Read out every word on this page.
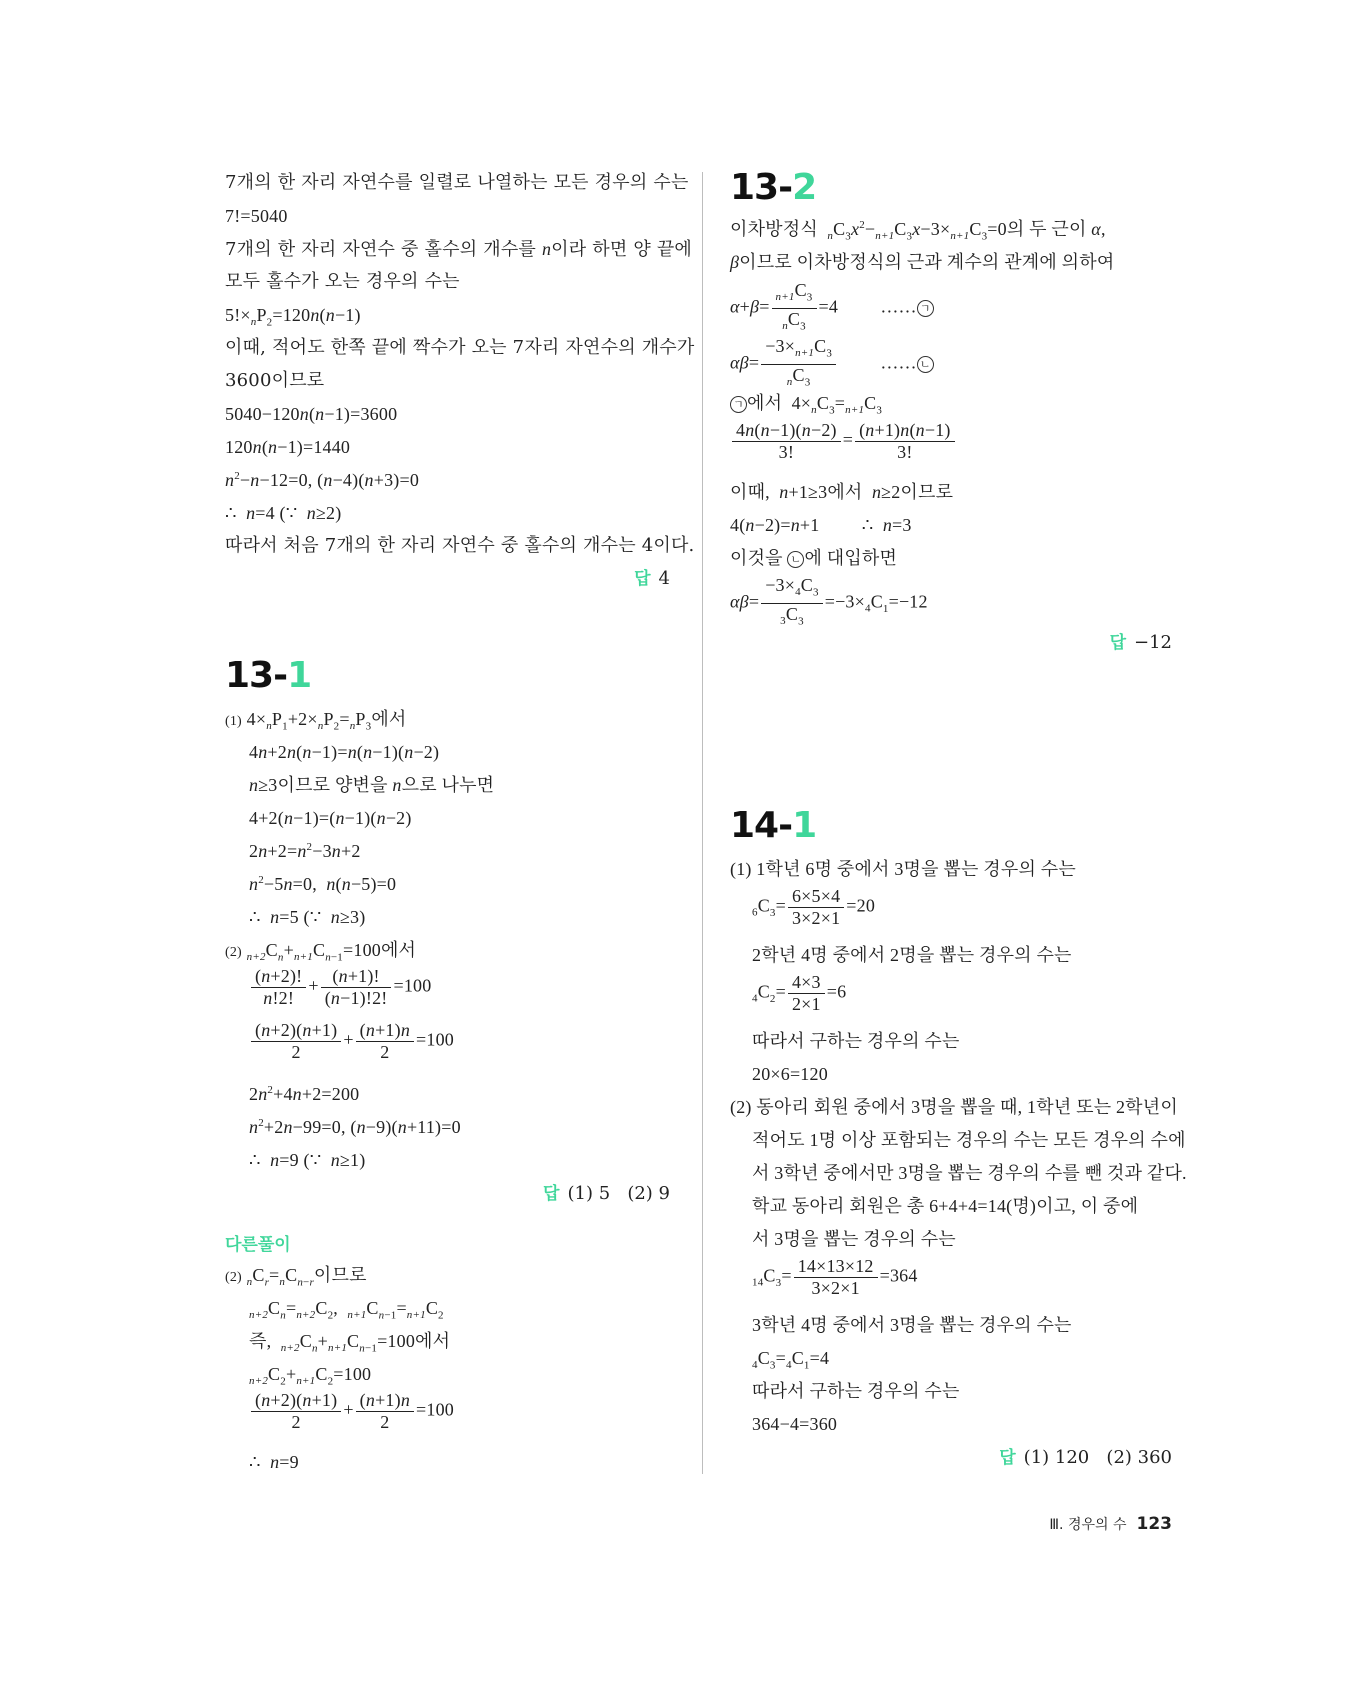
7개의 한 자리 자연수를 일렬로 나열하는 모든 경우의 수는
7!=5040
7개의 한 자리 자연수 중 홀수의 개수를 n이라 하면 양 끝에
모두 홀수가 오는 경우의 수는
$5!\times_nP_2=120n(n-1)$
이때, 적어도 한쪽 끝에 짝수가 오는 7자리 자연수의 개수가
3600이므로
5040−120n(n−1)=3600
120n(n−1)=1440
$n^2-n-12=0$, (n−4)(n+3)=0
∴  n=4 (∵  n≥2)
따라서 처음 7개의 한 자리 자연수 중 홀수의 개수는 4이다.
답 4
13-1
(1) $4\times_nP_1+2\times_nP_2=_nP_3$에서
4n+2n(n−1)=n(n−1)(n−2)
n≥3이므로 양변을 n으로 나누면
4+2(n−1)=(n−1)(n−2)
$2n+2=n^2-3n+2$
$n^2-5n=0$,  n(n−5)=0
∴  n=5 (∵  n≥3)
(2) $_{n+2}C_n+_{n+1}C_{n-1}=100$에서
$\frac{(n+2)!}{n!2!} + \frac{(n+1)!}{(n-1)!2!} =100$
$\frac{(n+2)(n+1)}{2} + \frac{(n+1)n}{2} =100$
$2n^2+4n+2=200$
$n^2+2n-99=0$, (n−9)(n+11)=0
∴  n=9 (∵  n≥1)
답 (1) 5 (2) 9
다른풀이
(2) $_nC_r=_nC_{n-r}$이므로
$_{n+2}C_n=_{n+2}C_2$,  $_{n+1}C_{n-1}=_{n+1}C_2$
즉,  $_{n+2}C_n+_{n+1}C_{n-1}=100$에서
$_{n+2}C_2+_{n+1}C_2=100$
$\frac{(n+2)(n+1)}{2} + \frac{(n+1)n}{2} =100$
∴  n=9
13-2
이차방정식 $_nC_3x^2-_{n+1}C_3x-3\times_{n+1}C_3=0$의 두 근이 α,
β이므로 이차방정식의 근과 계수의 관계에 의하여
$\alpha+\beta= \frac{_{n+1}C_3}{_nC_3} =4$         …… ㄱ
$\alpha\beta= \frac{-3\times_{n+1}C_3}{_nC_3}$ …… ㄴ
ㄱ 에서  $4\times_nC_3=_{n+1}C_3$
$\frac{4n(n-1)(n-2)}{3!} = \frac{(n+1)n(n-1)}{3!}$
이때, n+1≥3에서 n≥2이므로
4(n−2)=n+1         ∴  n=3
이것을 ㄴ 에 대입하면
$\alpha\beta= \frac{-3\times_4C_3}{_3C_3} =-3\times_4C_1=-12$
답 −12
14-1
(1) 1학년 6명 중에서 3명을 뽑는 경우의 수는
$_6C_3= \frac{6\times 5\times 4}{3\times 2\times 1} =20$
2학년 4명 중에서 2명을 뽑는 경우의 수는
$_4C_2= \frac{4\times 3}{2\times 1} =6$
따라서 구하는 경우의 수는
20×6=120
(2) 동아리 회원 중에서 3명을 뽑을 때, 1학년 또는 2학년이
적어도 1명 이상 포함되는 경우의 수는 모든 경우의 수에
서 3학년 중에서만 3명을 뽑는 경우의 수를 뺀 것과 같다.
학교 동아리 회원은 총 6+4+4=14(명)이고, 이 중에
서 3명을 뽑는 경우의 수는
$_{14}C_3= \frac{14\times 13\times 12}{3\times 2\times 1} =364$
3학년 4명 중에서 3명을 뽑는 경우의 수는
$_4C_3=_4C_1=4$
따라서 구하는 경우의 수는
364−4=360
답 (1) 120 (2) 360
Ⅲ. 경우의 수 123
